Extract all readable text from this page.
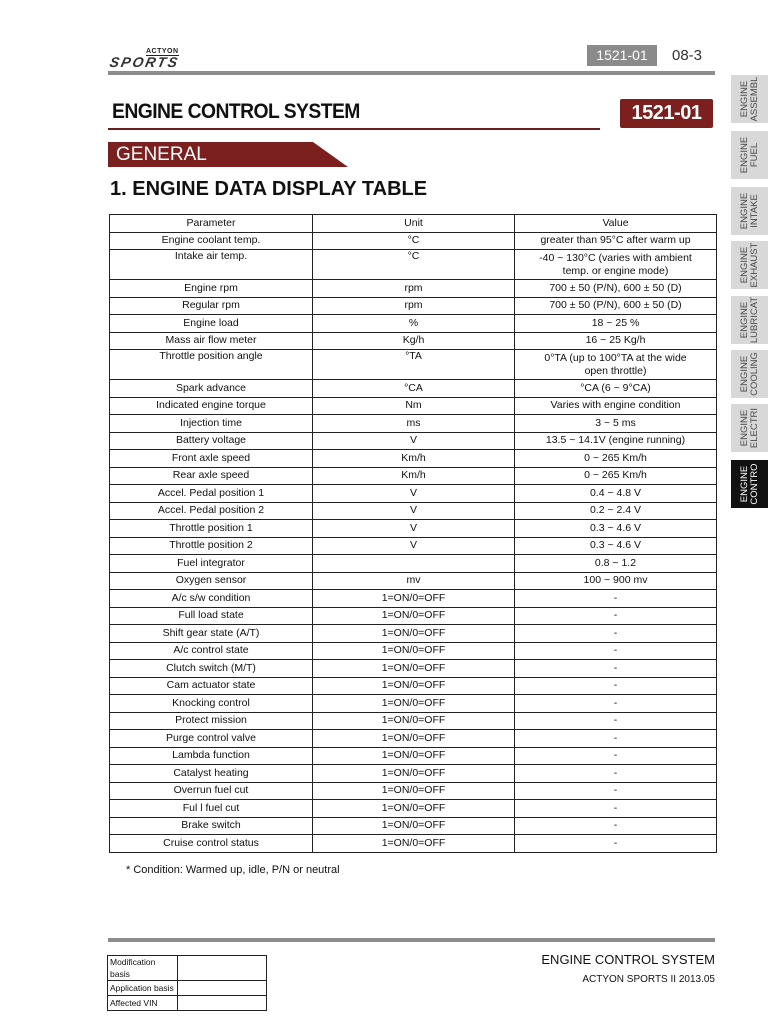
ACTYON
SPORTS	1521-01	08-3
ENGINE CONTROL SYSTEM	1521-01
GENERAL
1. ENGINE DATA DISPLAY TABLE
Parameter	Unit	Value
Engine coolant temp.	°C	greater than 95°C after warm up
Intake air temp.	°C	-40 ~ 130°C (varies with ambient
temp. or engine mode)
Engine rpm	rpm	700 ± 50 (P/N), 600 ± 50 (D)
Regular rpm	rpm	700 ± 50 (P/N), 600 ± 50 (D)
Engine load	%	18 ~ 25 %
Mass air flow meter	Kg/h	16 ~ 25 Kg/h
Throttle position angle	°TA	0°TA (up to 100°TA at the wide
open throttle)
Spark advance	°CA	°CA (6 ~ 9°CA)
Indicated engine torque	Nm	Varies with engine condition
Injection time	ms	3 ~ 5 ms
Battery voltage	V	13.5 ~ 14.1V (engine running)
Front axle speed	Km/h	0 ~ 265 Km/h
Rear axle speed	Km/h	0 ~ 265 Km/h
Accel. Pedal position 1	V	0.4 ~ 4.8 V
Accel. Pedal position 2	V	0.2 ~ 2.4 V
Throttle position 1	V	0.3 ~ 4.6 V
Throttle position 2	V	0.3 ~ 4.6 V
Fuel integrator		0.8 ~ 1.2
Oxygen sensor	mv	100 ~ 900 mv
A/c s/w condition	1=ON/0=OFF	-
Full load state	1=ON/0=OFF	-
Shift gear state (A/T)	1=ON/0=OFF	-
A/c control state	1=ON/0=OFF	-
Clutch switch (M/T)	1=ON/0=OFF	-
Cam actuator state	1=ON/0=OFF	-
Knocking control	1=ON/0=OFF	-
Protect mission	1=ON/0=OFF	-
Purge control valve	1=ON/0=OFF	-
Lambda function	1=ON/0=OFF	-
Catalyst heating	1=ON/0=OFF	-
Overrun fuel cut	1=ON/0=OFF	-
Ful l fuel cut	1=ON/0=OFF	-
Brake switch	1=ON/0=OFF	-
Cruise control status	1=ON/0=OFF	-
* Condition: Warmed up, idle, P/N or neutral
Modification basis	
Application basis	
Affected VIN	
ENGINE CONTROL SYSTEM
ACTYON SPORTS II 2013.05
ENGINE
ASSEMBL
ENGINE
FUEL
ENGINE
INTAKE
ENGINE
EXHAUST
ENGINE
LUBRICAT
ENGINE
COOLING
ENGINE
ELECTRI
ENGINE
CONTRO
